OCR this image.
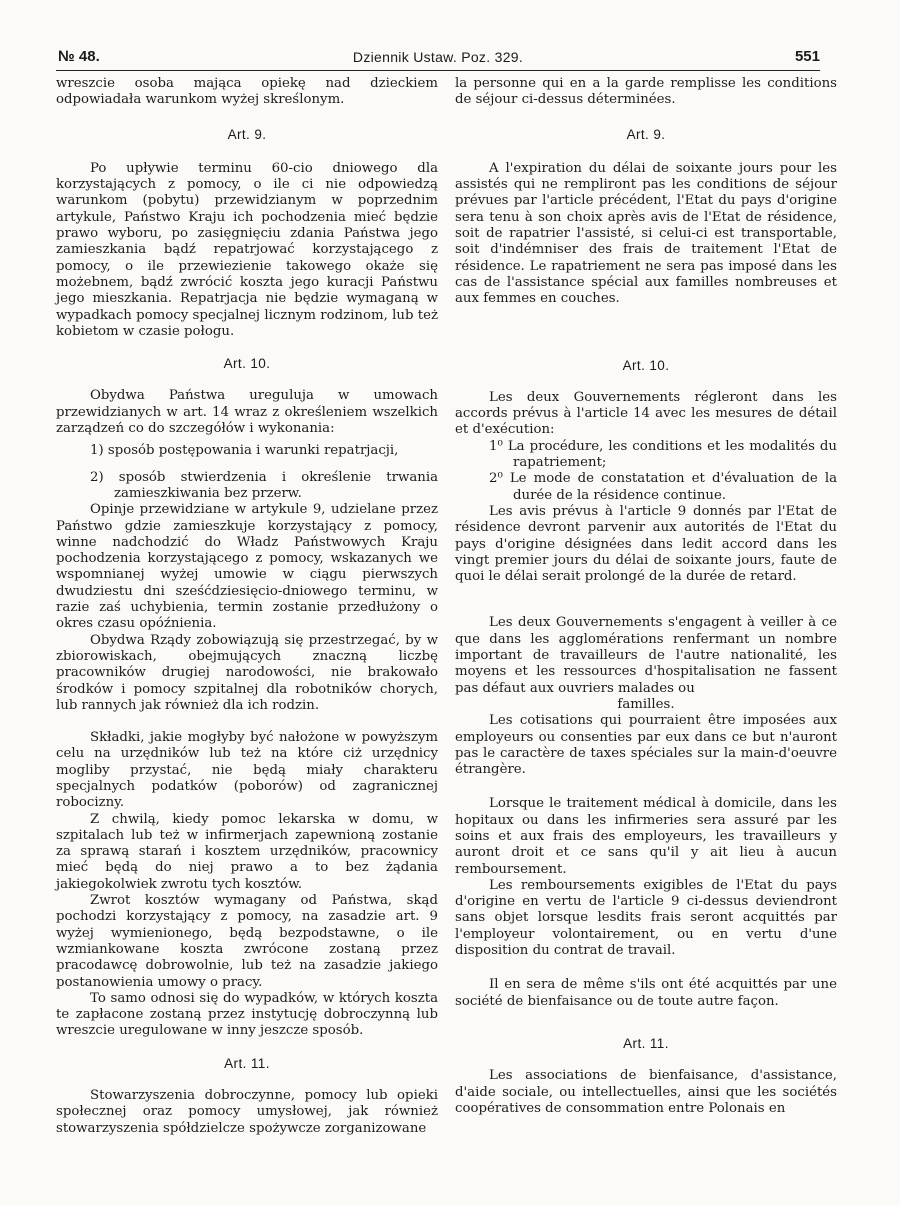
№ 48.	Dziennik Ustaw. Poz. 329.	551

wreszcie osoba mająca opiekę nad dzieckiem odpowiadała warunkom wyżej skreślonym.

Art. 9.

Po upływie terminu 60-cio dniowego dla korzystających z pomocy, o ile ci nie odpowiedzą warunkom (pobytu) przewidzianym w poprzednim artykule, Państwo Kraju ich pochodzenia mieć będzie prawo wyboru, po zasięgnięciu zdania Państwa jego zamieszkania bądź repatrjować korzystającego z pomocy, o ile przewiezienie takowego okaże się możebnem, bądź zwrócić koszta jego kuracji Państwu jego mieszkania. Repatrjacja nie będzie wymaganą w wypadkach pomocy specjalnej licznym rodzinom, lub też kobietom w czasie połogu.

Art. 10.

Obydwa Państwa ureguluja w umowach przewidzianych w art. 14 wraz z określeniem wszelkich zarządzeń co do szczegółów i wykonania:

1) sposób postępowania i warunki repatrjacji,

2) sposób stwierdzenia i określenie trwania zamieszkiwania bez przerw.

Opinje przewidziane w artykule 9, udzielane przez Państwo gdzie zamieszkuje korzystający z pomocy, winne nadchodzić do Władz Państwowych Kraju pochodzenia korzystającego z pomocy, wskazanych we wspomnianej wyżej umowie w ciągu pierwszych dwudziestu dni sześćdziesięcio-dniowego terminu, w razie zaś uchybienia, termin zostanie przedłużony o okres czasu opóźnienia.

Obydwa Rządy zobowiązują się przestrzegać, by w zbiorowiskach, obejmujących znaczną liczbę pracowników drugiej narodowości, nie brakowało środków i pomocy szpitalnej dla robotników chorych, lub rannych jak również dla ich rodzin.

Składki, jakie mogłyby być nałożone w powyższym celu na urzędników lub też na które ciż urzędnicy mogliby przystać, nie będą miały charakteru specjalnych podatków (poborów) od zagranicznej robocizny.

Z chwilą, kiedy pomoc lekarska w domu, w szpitalach lub też w infirmerjach zapewnioną zostanie za sprawą starań i kosztem urzędników, pracownicy mieć będą do niej prawo a to bez żądania jakiegokolwiek zwrotu tych kosztów.

Zwrot kosztów wymagany od Państwa, skąd pochodzi korzystający z pomocy, na zasadzie art. 9 wyżej wymienionego, będą bezpodstawne, o ile wzmiankowane koszta zwrócone zostaną przez pracodawcę dobrowolnie, lub też na zasadzie jakiego postanowienia umowy o pracy.

To samo odnosi się do wypadków, w których koszta te zapłacone zostaną przez instytucję dobroczynną lub wreszcie uregulowane w inny jeszcze sposób.

Art. 11.

Stowarzyszenia dobroczynne, pomocy lub opieki społecznej oraz pomocy umysłowej, jak również stowarzyszenia spółdzielcze spożywcze zorganizowane

la personne qui en a la garde remplisse les conditions de séjour ci-dessus déterminées.

Art. 9.

A l'expiration du délai de soixante jours pour les assistés qui ne rempliront pas les conditions de séjour prévues par l'article précédent, l'Etat du pays d'origine sera tenu à son choix après avis de l'Etat de résidence, soit de rapatrier l'assisté, si celui-ci est transportable, soit d'indémniser des frais de traitement l'Etat de résidence. Le rapatriement ne sera pas imposé dans les cas de l'assistance spécial aux familles nombreuses et aux femmes en couches.

Art. 10.

Les deux Gouvernements régleront dans les accords prévus à l'article 14 avec les mesures de détail et d'exécution:

1⁰ La procédure, les conditions et les modalités du rapatriement;

2⁰ Le mode de constatation et d'évaluation de la durée de la résidence continue.

Les avis prévus à l'article 9 donnés par l'Etat de résidence devront parvenir aux autorités de l'Etat du pays d'origine désignées dans ledit accord dans les vingt premier jours du délai de soixante jours, faute de quoi le délai serait prolongé de la durée de retard.

Les deux Gouvernements s'engagent à veiller à ce que dans les agglomérations renfermant un nombre important de travailleurs de l'autre nationalité, les moyens et les ressources d'hospitalisation ne fassent pas défaut aux ouvriers malades ou

familles.

Les cotisations qui pourraient être imposées aux employeurs ou consenties par eux dans ce but n'auront pas le caractère de taxes spéciales sur la main-d'oeuvre étrangère.

Lorsque le traitement médical à domicile, dans les hopitaux ou dans les infirmeries sera assuré par les soins et aux frais des employeurs, les travailleurs y auront droit et ce sans qu'il y ait lieu à aucun remboursement.

Les remboursements exigibles de l'Etat du pays d'origine en vertu de l'article 9 ci-dessus deviendront sans objet lorsque lesdits frais seront acquittés par l'employeur volontairement, ou en vertu d'une disposition du contrat de travail.

Il en sera de même s'ils ont été acquittés par une société de bienfaisance ou de toute autre façon.

Art. 11.

Les associations de bienfaisance, d'assistance, d'aide sociale, ou intellectuelles, ainsi que les sociétés coopératives de consommation entre Polonais en
